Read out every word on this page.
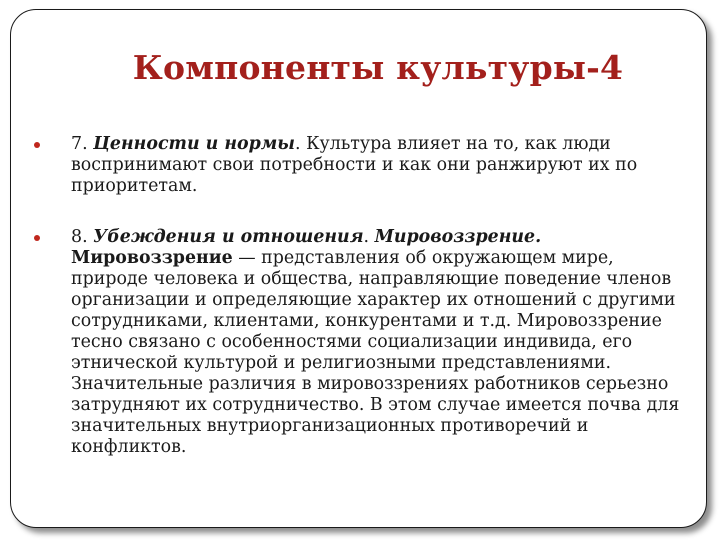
Компоненты культуры-4
7. Ценности и нормы. Культура влияет на то, как люди воспринимают свои потребности и как они ранжируют их по приоритетам.
8. Убеждения и отношения. Мировоззрение. Мировоззрение — представления об окружающем мире, природе человека и общества, направляющие поведение членов организации и определяющие характер их отношений с другими сотрудниками, клиентами, конкурентами и т.д. Мировоззрение тесно связано с особенностями социализации индивида, его этнической культурой и религиозными представлениями. Значительные различия в мировоззрениях работников серьезно затрудняют их сотрудничество. В этом случае имеется почва для значительных внутриорганизационных противоречий и конфликтов.
